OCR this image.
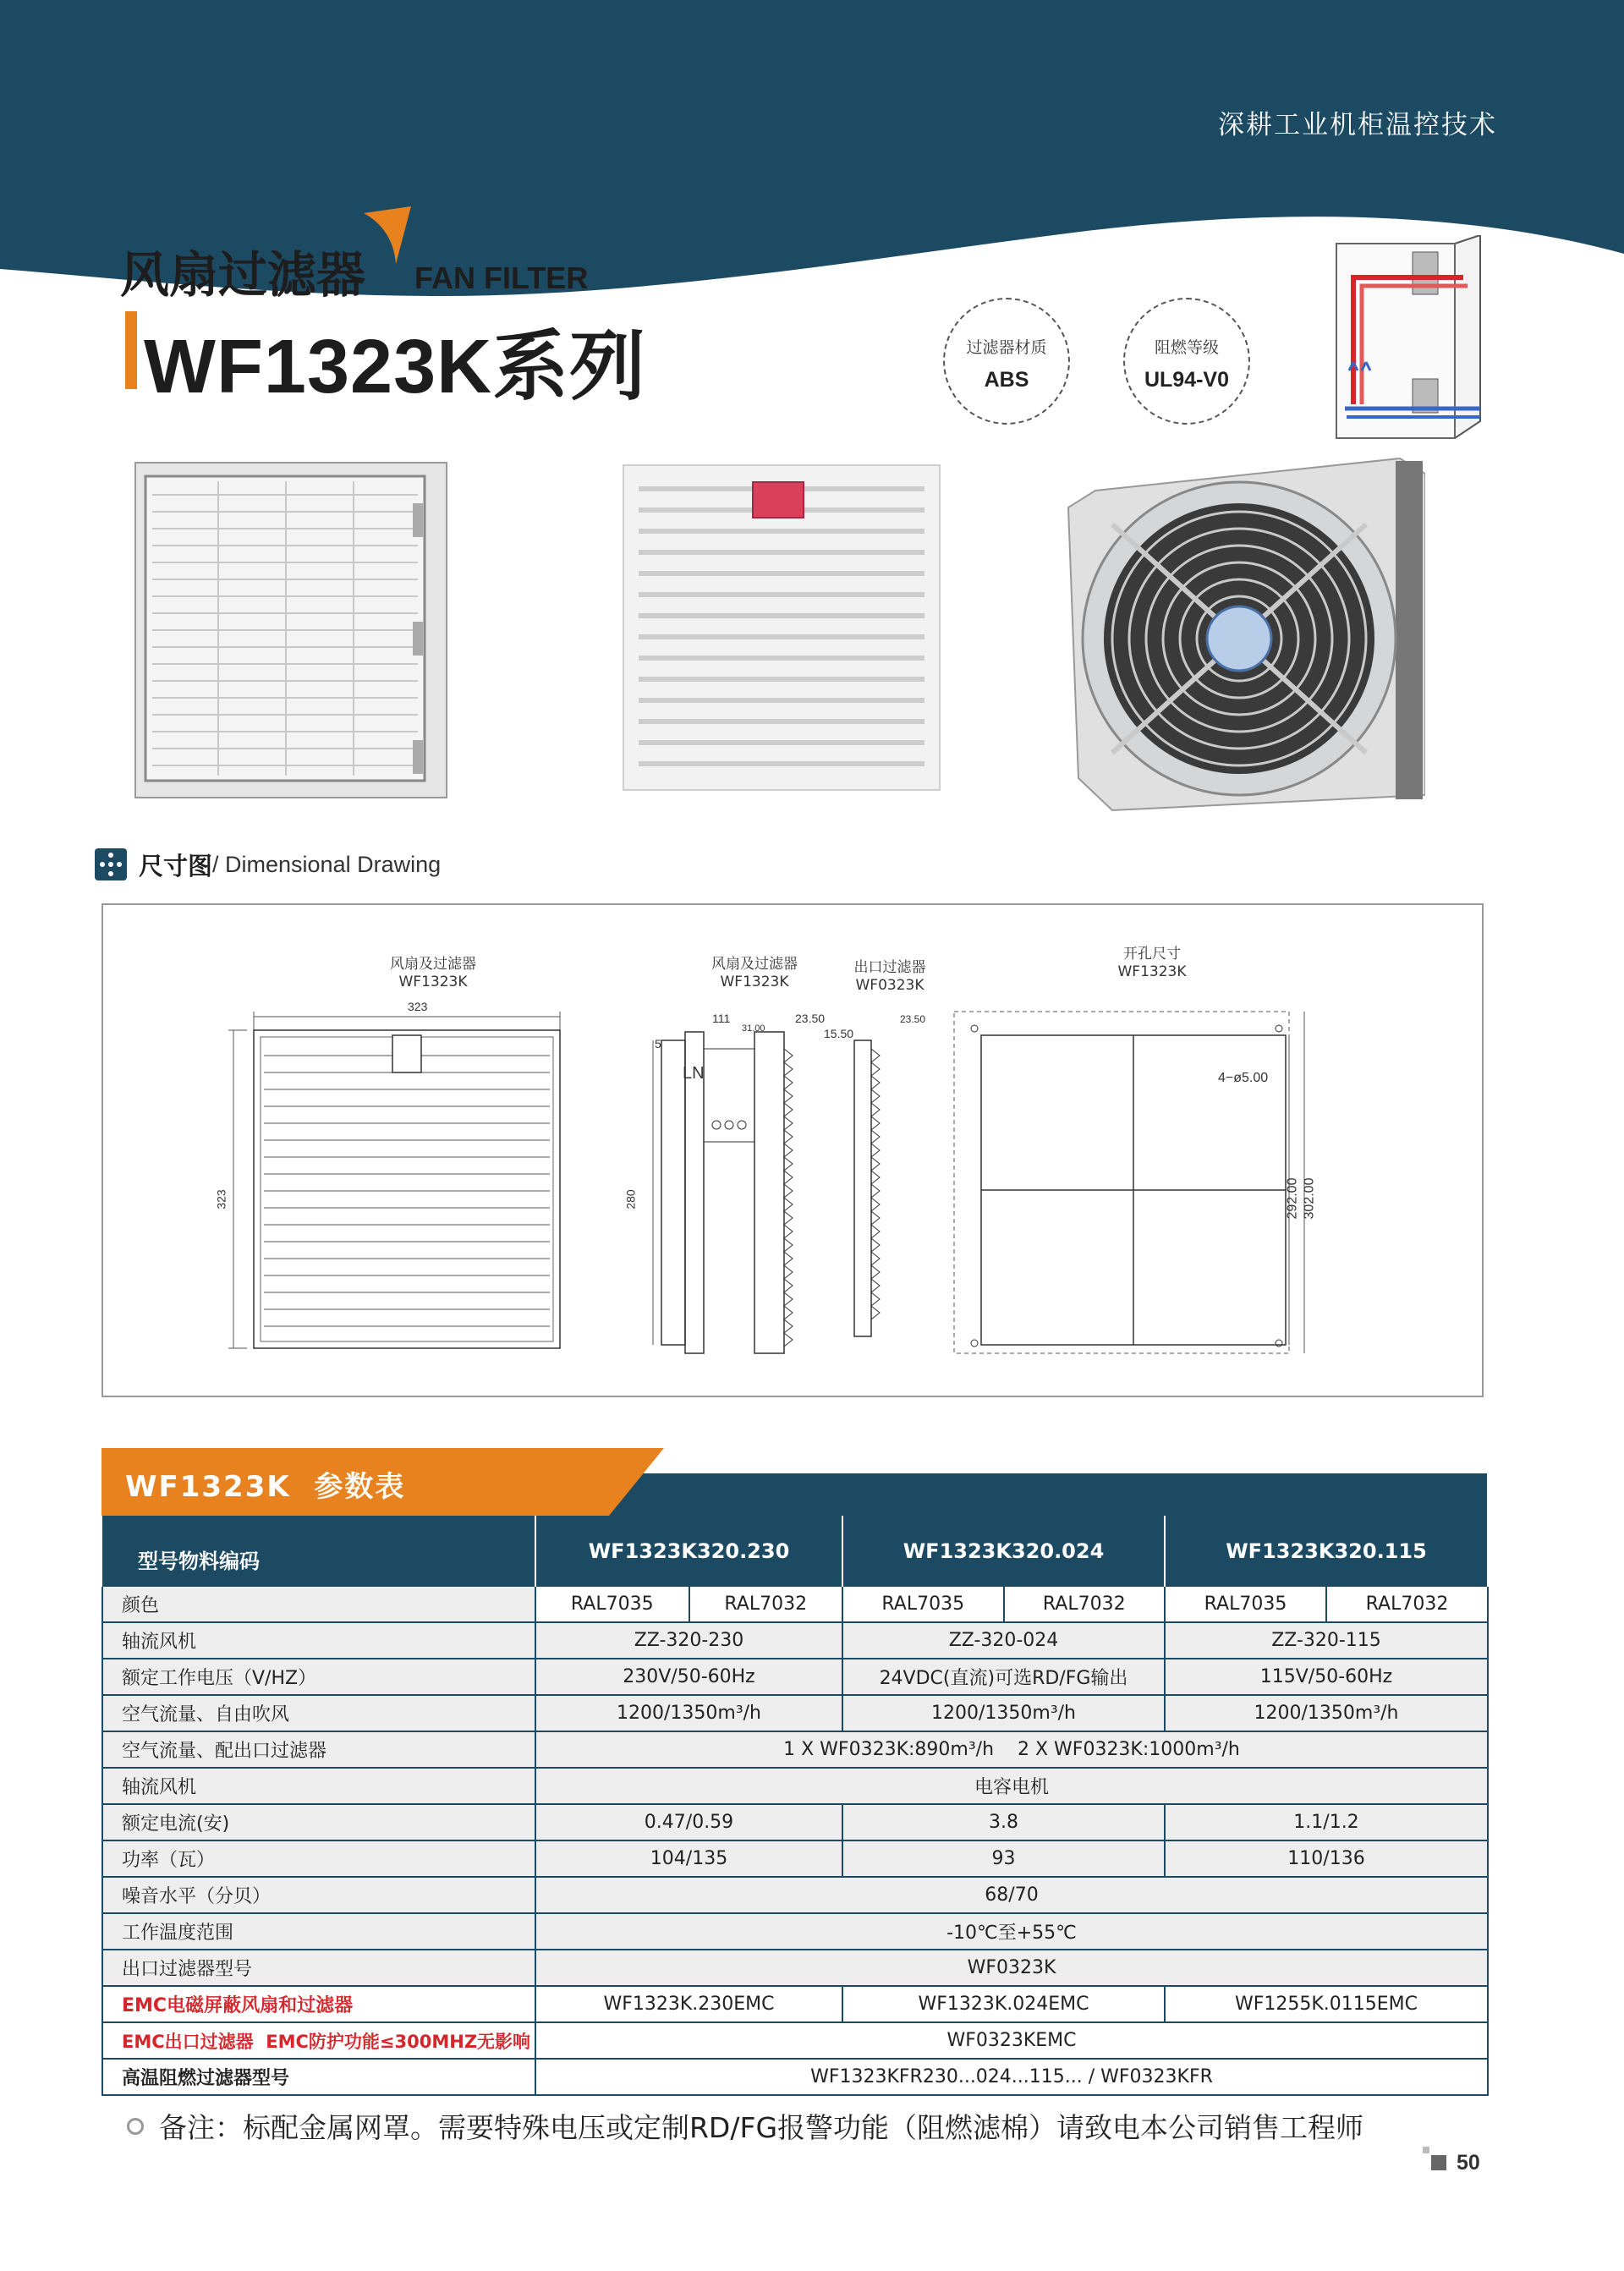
深耕工业机柜温控技术
风扇过滤器 FAN FILTER
WF1323K系列	过滤器材质
ABS
阻燃等级
UL94-V0
尺寸图 / Dimensional Drawing
风扇及过滤器
WF1323K
风扇及过滤器
WF1323K
出口过滤器
WF0323K
开孔尺寸
WF1323K
323
323
111
31.00
23.50
5
280
LN
15.50
23.50
4−ø5.00
292.00 302.00
WF1323K  参数表
型号物料编码	WF1323K320.230	WF1323K320.024	WF1323K320.115
颜色	RAL7035 RAL7032	RAL7035 RAL7032	RAL7035 RAL7032

轴流风机	ZZ-320-230	ZZ-320-024	ZZ-320-115
额定工作电压（V/HZ）	230V/50-60Hz	24VDC(直流)可选RD/FG输出	115V/50-60Hz
空气流量、自由吹风	1200/1350m³/h	1200/1350m³/h	1200/1350m³/h
空气流量、配出口过滤器	1 X WF0323K:890m³/h    2 X WF0323K:1000m³/h		
轴流风机	电容电机		
额定电流(安)	0.47/0.59	3.8	1.1/1.2
功率（瓦）	104/135	93	110/136
噪音水平（分贝）	68/70		
工作温度范围	-10℃至+55℃		
出口过滤器型号	WF0323K		
EMC电磁屏蔽风扇和过滤器	WF1323K.230EMC	WF1323K.024EMC	WF1255K.0115EMC
EMC出口过滤器  EMC防护功能≤300MHZ无影响	WF0323KEMC		
高温阻燃过滤器型号	WF1323KFR230...024...115... / WF0323KFR		
备注：标配金属网罩。需要特殊电压或定制RD/FG报警功能（阻燃滤棉）请致电本公司销售工程师
50
